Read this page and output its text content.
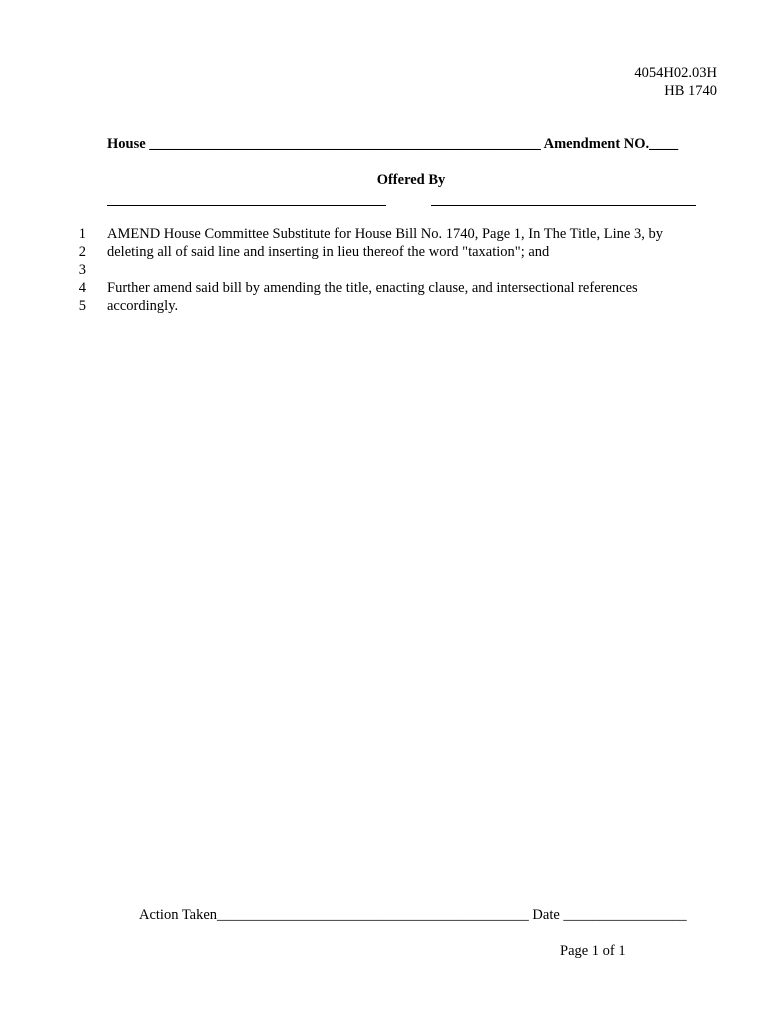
4054H02.03H
HB 1740
House ______________________________________________________ Amendment NO.____
Offered By
1 AMEND House Committee Substitute for House Bill No. 1740, Page 1, In The Title, Line 3, by
2 deleting all of said line and inserting in lieu thereof the word "taxation"; and
3
4 Further amend said bill by amending the title, enacting clause, and intersectional references
5 accordingly.
Action Taken___________________________________________ Date _________________
Page 1 of 1
